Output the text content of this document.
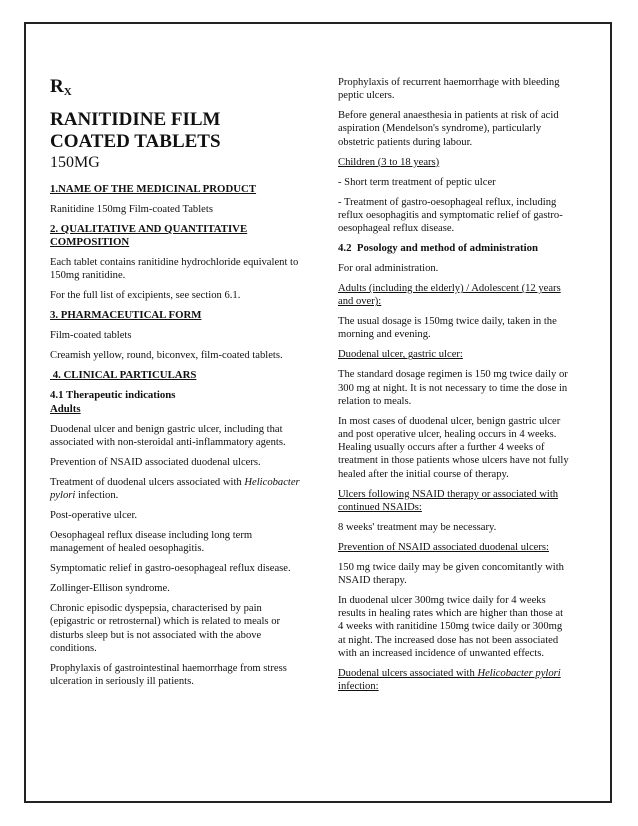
$R_X$

RANITIDINE FILM

COATED TABLETS

150MG

1.NAME OF THE MEDICINAL PRODUCT

Ranitidine 150mg Film-coated Tablets

2. QUALITATIVE AND QUANTITATIVE COMPOSITION

Each tablet contains ranitidine hydrochloride equivalent to 150mg ranitidine.

For the full list of excipients, see section 6.1.

3. PHARMACEUTICAL FORM

Film-coated tablets

Creamish yellow, round, biconvex, film-coated tablets.

4. CLINICAL PARTICULARS

4.1 Therapeutic indications

Adults

Duodenal ulcer and benign gastric ulcer, including that associated with non-steroidal anti-inflammatory agents.

Prevention of NSAID associated duodenal ulcers.

Treatment of duodenal ulcers associated with Helicobacter pylori infection.

Post-operative ulcer.

Oesophageal reflux disease including long term management of healed oesophagitis.

Symptomatic relief in gastro-oesophageal reflux disease.

Zollinger-Ellison syndrome.

Chronic episodic dyspepsia, characterised by pain (epigastric or retrosternal) which is related to meals or disturbs sleep but is not associated with the above conditions.

Prophylaxis of gastrointestinal haemorrhage from stress ulceration in seriously ill patients.

Prophylaxis of recurrent haemorrhage with bleeding peptic ulcers.

Before general anaesthesia in patients at risk of acid aspiration (Mendelson's syndrome), particularly obstetric patients during labour.

Children (3 to 18 years)

- Short term treatment of peptic ulcer

- Treatment of gastro-oesophageal reflux, including reflux oesophagitis and symptomatic relief of gastro-oesophageal reflux disease.

4.2  Posology and method of administration

For oral administration.

Adults (including the elderly) / Adolescent (12 years and over):

The usual dosage is 150mg twice daily, taken in the morning and evening.

Duodenal ulcer, gastric ulcer:

The standard dosage regimen is 150 mg twice daily or 300 mg at night. It is not necessary to time the dose in relation to meals.

In most cases of duodenal ulcer, benign gastric ulcer and post operative ulcer, healing occurs in 4 weeks. Healing usually occurs after a further 4 weeks of treatment in those patients whose ulcers have not fully healed after the initial course of therapy.

Ulcers following NSAID therapy or associated with continued NSAIDs:

8 weeks' treatment may be necessary.

Prevention of NSAID associated duodenal ulcers:

150 mg twice daily may be given concomitantly with NSAID therapy.

In duodenal ulcer 300mg twice daily for 4 weeks results in healing rates which are higher than those at 4 weeks with ranitidine 150mg twice daily or 300mg at night. The increased dose has not been associated with an increased incidence of unwanted effects.

Duodenal ulcers associated with Helicobacter pylori infection:
